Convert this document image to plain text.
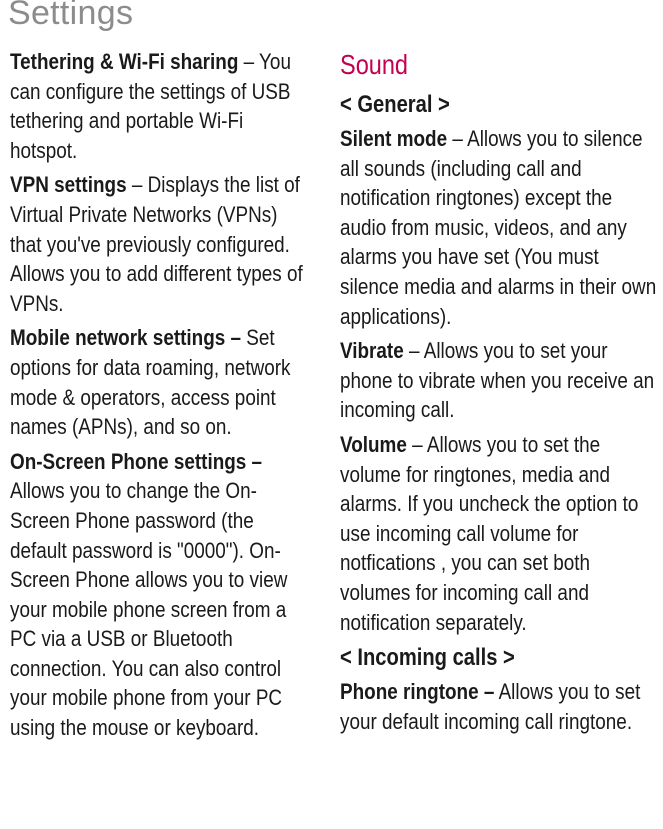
Settings

Tethering & Wi-Fi sharing – You can configure the settings of USB tethering and portable Wi-Fi hotspot.

VPN settings – Displays the list of Virtual Private Networks (VPNs) that you've previously configured. Allows you to add different types of VPNs.

Mobile network settings – Set options for data roaming, network mode & operators, access point names (APNs), and so on.

On-Screen Phone settings – Allows you to change the On-Screen Phone password (the default password is "0000"). On-Screen Phone allows you to view your mobile phone screen from a PC via a USB or Bluetooth connection. You can also control your mobile phone from your PC using the mouse or keyboard.

Sound
< General >

Silent mode – Allows you to silence all sounds (including call and notification ringtones) except the audio from music, videos, and any alarms you have set (You must silence media and alarms in their own applications).

Vibrate – Allows you to set your phone to vibrate when you receive an incoming call.

Volume – Allows you to set the volume for ringtones, media and alarms. If you uncheck the option to use incoming call volume for notfications , you can set both volumes for incoming call and notification separately.

< Incoming calls >

Phone ringtone – Allows you to set your default incoming call ringtone.
